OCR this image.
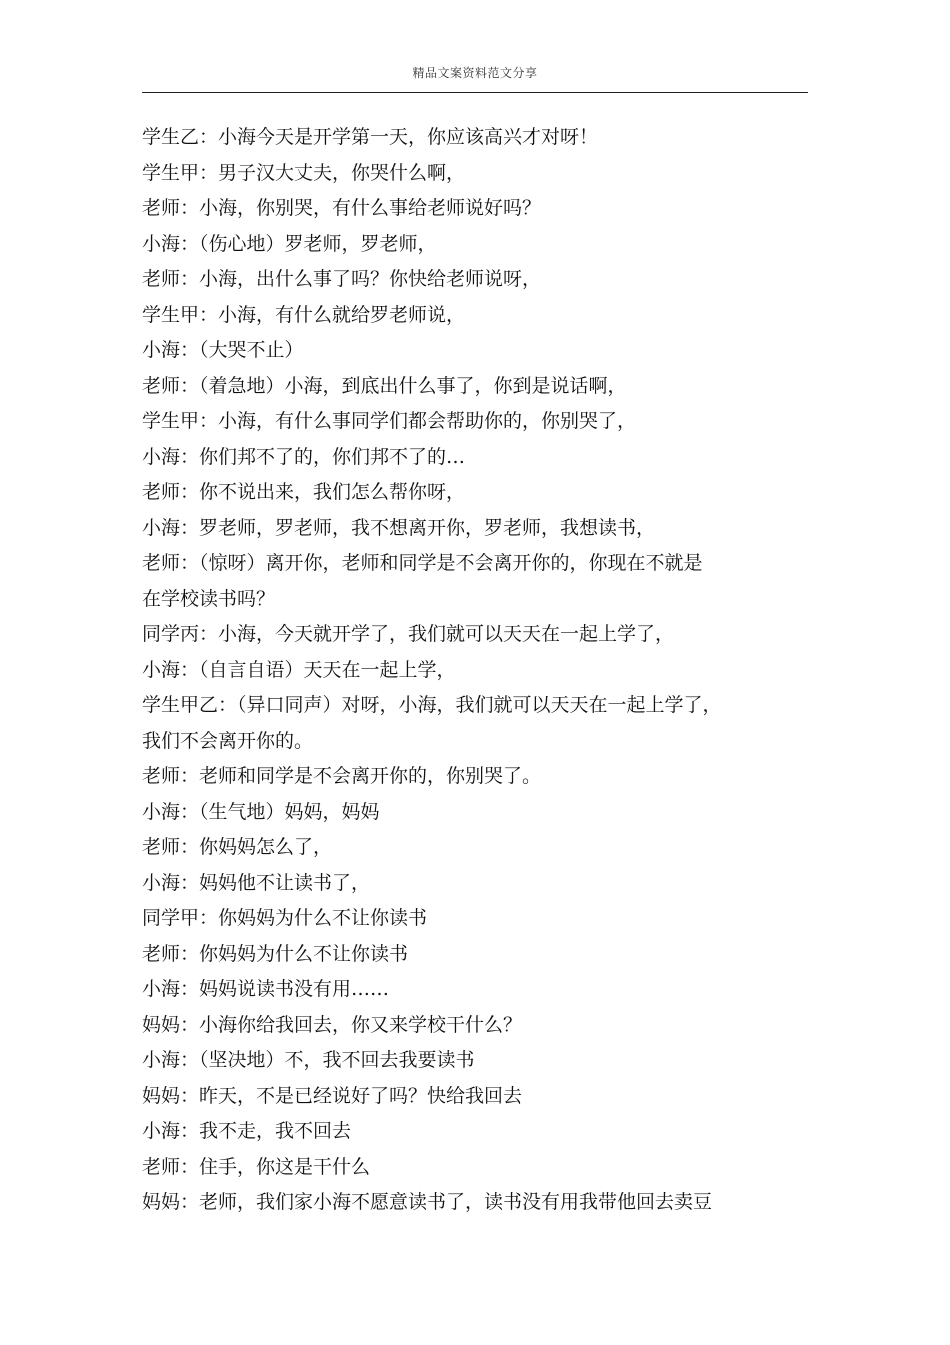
精品文案资料范文分享
学生乙：小海今天是开学第一天，你应该高兴才对呀！
学生甲：男子汉大丈夫，你哭什么啊，
老师：小海，你别哭，有什么事给老师说好吗？
小海：（伤心地）罗老师，罗老师，
老师：小海，出什么事了吗？你快给老师说呀，
学生甲：小海，有什么就给罗老师说，
小海：（大哭不止）
老师：（着急地）小海，到底出什么事了，你到是说话啊，
学生甲：小海，有什么事同学们都会帮助你的，你别哭了，
小海：你们邦不了的，你们邦不了的…
老师：你不说出来，我们怎么帮你呀，
小海：罗老师，罗老师，我不想离开你，罗老师，我想读书，
老师：（惊呀）离开你，老师和同学是不会离开你的，你现在不就是
在学校读书吗？
同学丙：小海，今天就开学了，我们就可以天天在一起上学了，
小海：（自言自语）天天在一起上学，
学生甲乙：（异口同声）对呀，小海，我们就可以天天在一起上学了，
我们不会离开你的。
老师：老师和同学是不会离开你的，你别哭了。
小海：（生气地）妈妈，妈妈
老师：你妈妈怎么了，
小海：妈妈他不让读书了，
同学甲：你妈妈为什么不让你读书
老师：你妈妈为什么不让你读书
小海：妈妈说读书没有用……
妈妈：小海你给我回去，你又来学校干什么？
小海：（坚决地）不，我不回去我要读书
妈妈：昨天，不是已经说好了吗？快给我回去
小海：我不走，我不回去
老师：住手，你这是干什么
妈妈：老师，我们家小海不愿意读书了，读书没有用我带他回去卖豆
